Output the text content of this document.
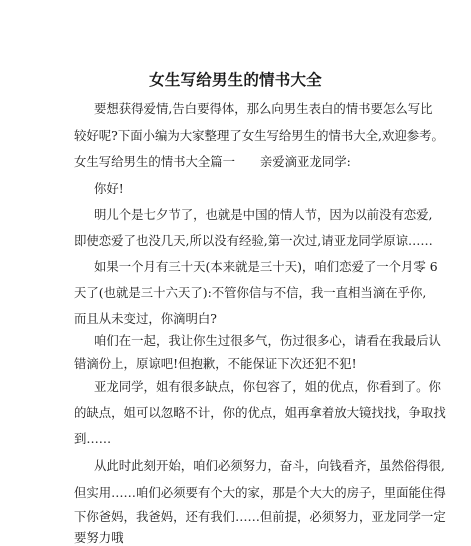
女生写给男生的情书大全
要想获得爱情,告白要得体，那么向男生表白的情书要怎么写比
较好呢?下面小编为大家整理了女生写给男生的情书大全,欢迎参考。
女生写给男生的情书大全篇一　　亲爱滴亚龙同学:
你好!
明儿个是七夕节了，也就是中国的情人节，因为以前没有恋爱,
即使恋爱了也没几天,所以没有经验,第一次过,请亚龙同学原谅……
如果一个月有三十天(本来就是三十天)，咱们恋爱了一个月零 6
天了(也就是三十六天了):不管你信与不信，我一直相当滴在乎你,
而且从未变过，你滴明白?
咱们在一起，我让你生过很多气，伤过很多心，请看在我最后认
错滴份上，原谅吧!但抱歉，不能保证下次还犯不犯!
亚龙同学，姐有很多缺点，你包容了，姐的优点，你看到了。你
的缺点，姐可以忽略不计，你的优点，姐再拿着放大镜找找，争取找
到……
从此时此刻开始，咱们必须努力，奋斗，向钱看齐，虽然俗得很,
但实用……咱们必须要有个大的家，那是个大大的房子，里面能住得
下你爸妈，我爸妈，还有我们……但前提，必须努力，亚龙同学一定
要努力哦
